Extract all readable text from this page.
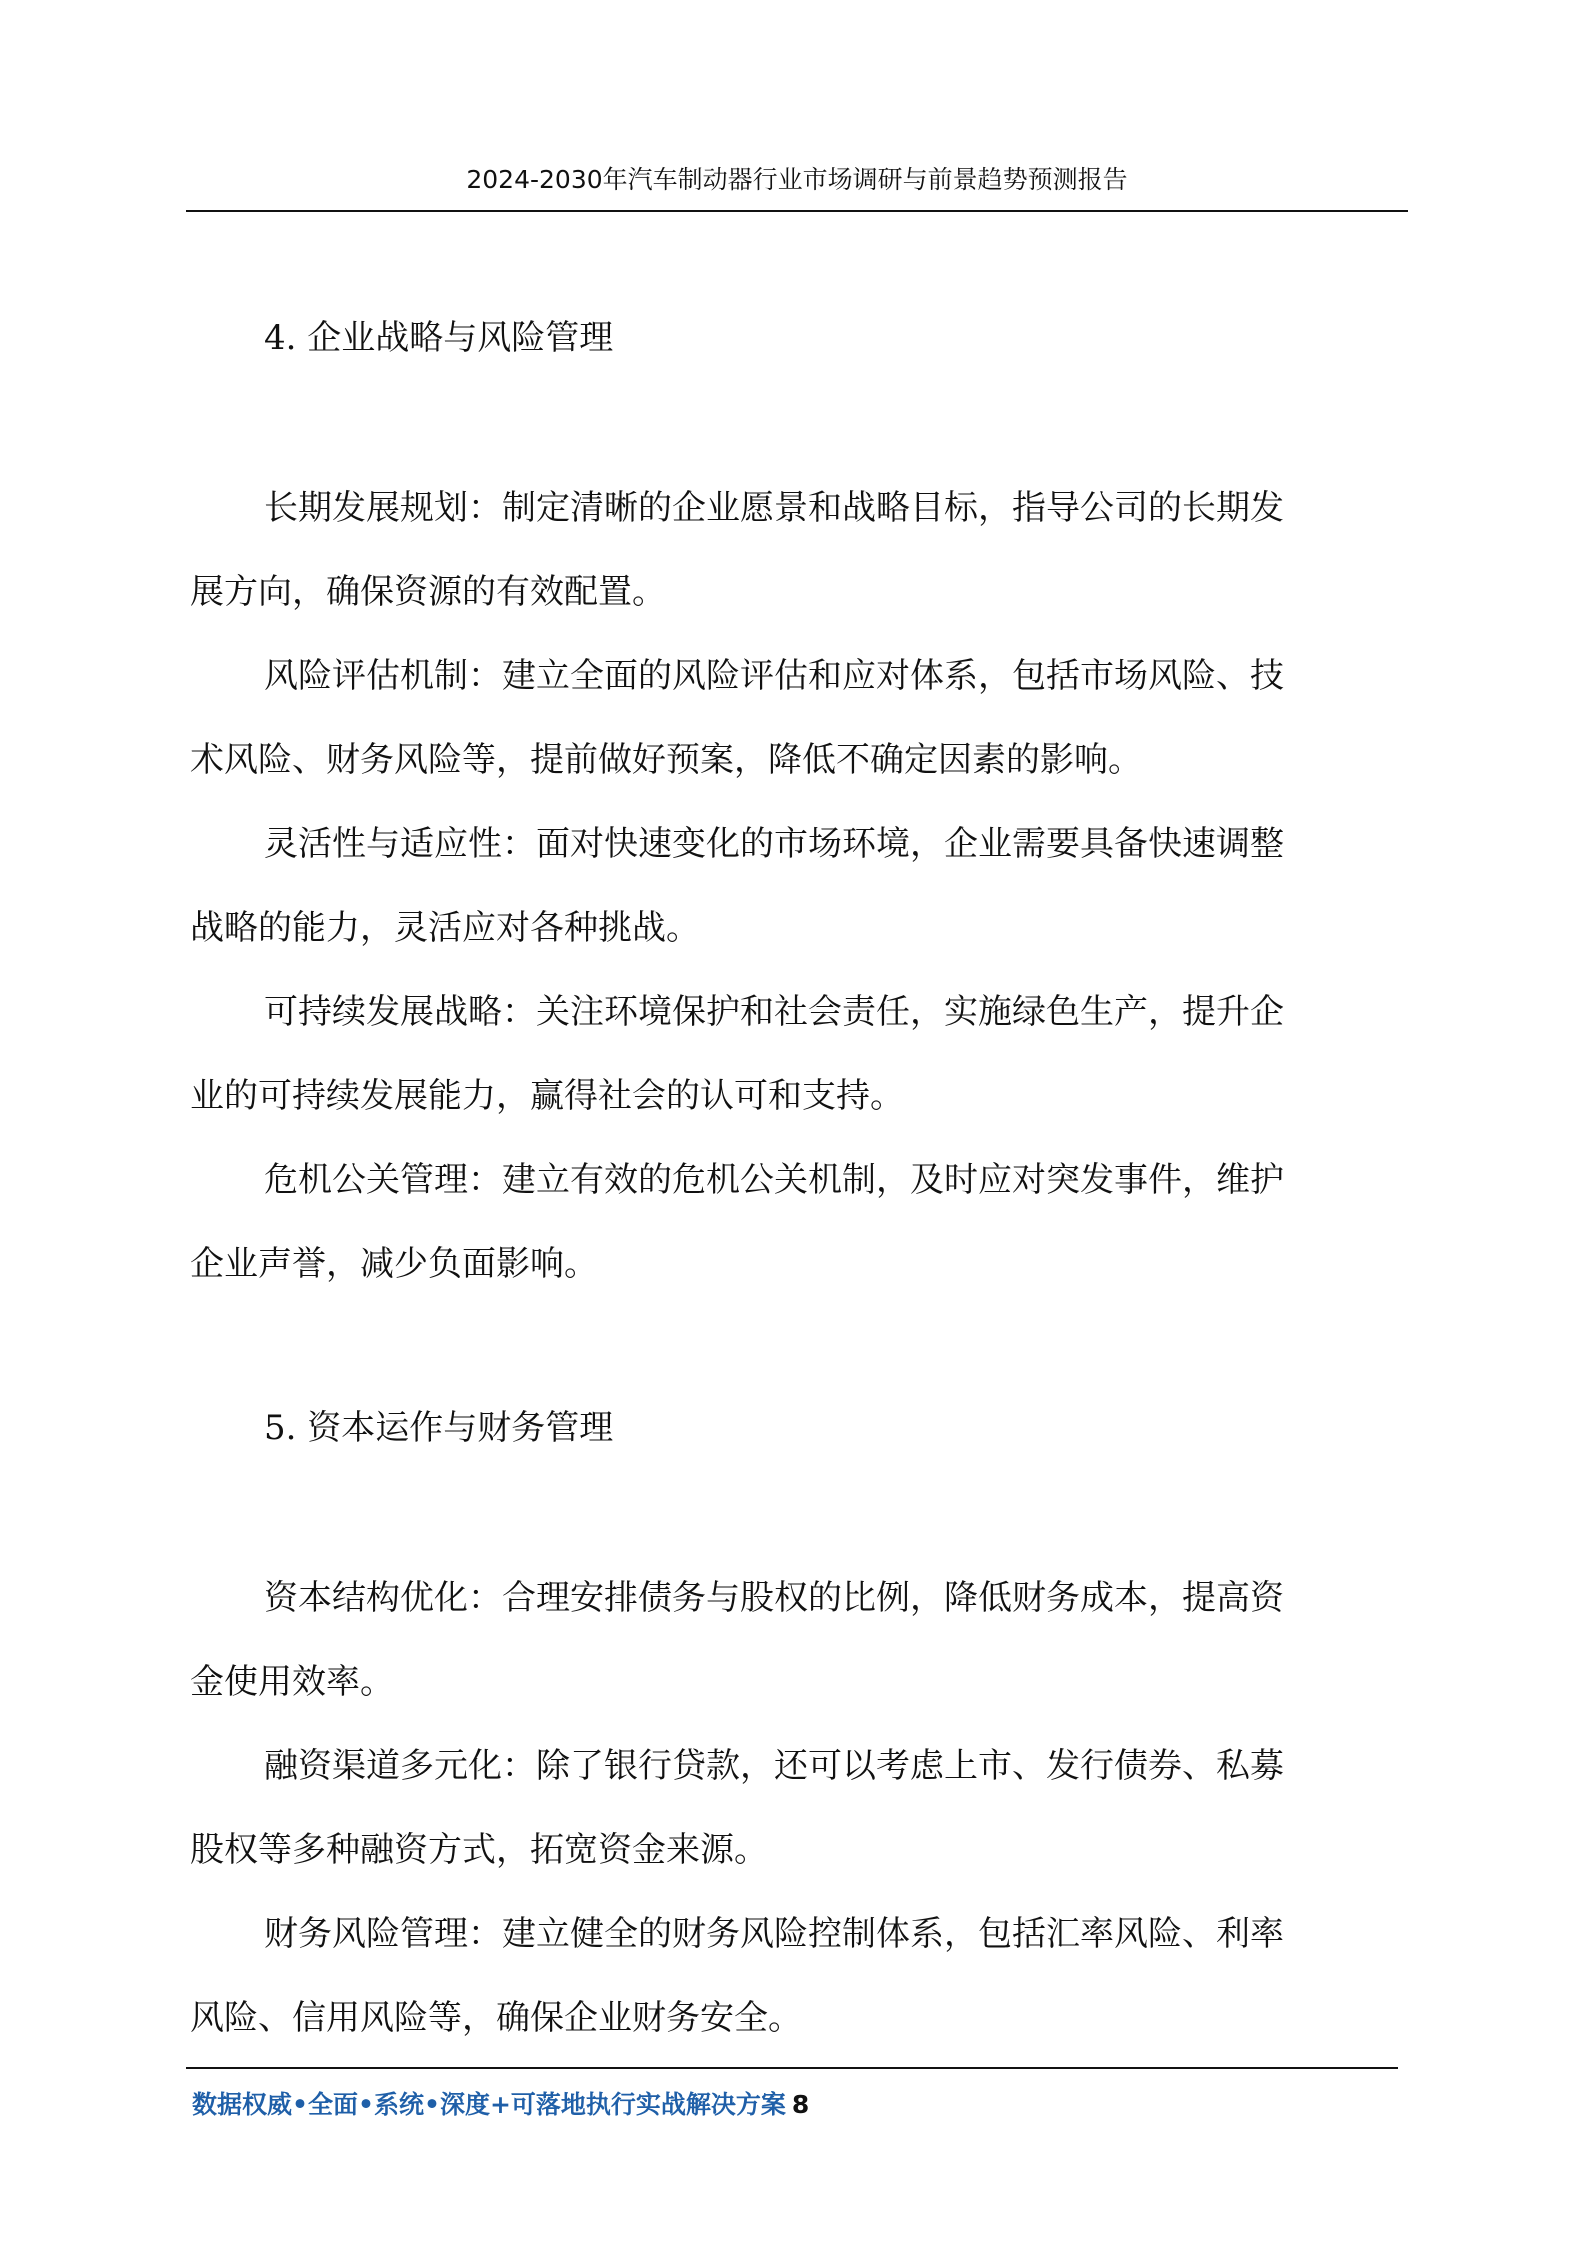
2024-2030年汽车制动器行业市场调研与前景趋势预测报告
4. 企业战略与风险管理
长期发展规划：制定清晰的企业愿景和战略目标，指导公司的长期发
展方向，确保资源的有效配置。
风险评估机制：建立全面的风险评估和应对体系，包括市场风险、技
术风险、财务风险等，提前做好预案，降低不确定因素的影响。
灵活性与适应性：面对快速变化的市场环境，企业需要具备快速调整
战略的能力，灵活应对各种挑战。
可持续发展战略：关注环境保护和社会责任，实施绿色生产，提升企
业的可持续发展能力，赢得社会的认可和支持。
危机公关管理：建立有效的危机公关机制，及时应对突发事件，维护
企业声誉，减少负面影响。
5. 资本运作与财务管理
资本结构优化：合理安排债务与股权的比例，降低财务成本，提高资
金使用效率。
融资渠道多元化：除了银行贷款，还可以考虑上市、发行债券、私募
股权等多种融资方式，拓宽资金来源。
财务风险管理：建立健全的财务风险控制体系，包括汇率风险、利率
风险、信用风险等，确保企业财务安全。
数据权威•全面•系统•深度+可落地执行实战解决方案 8
